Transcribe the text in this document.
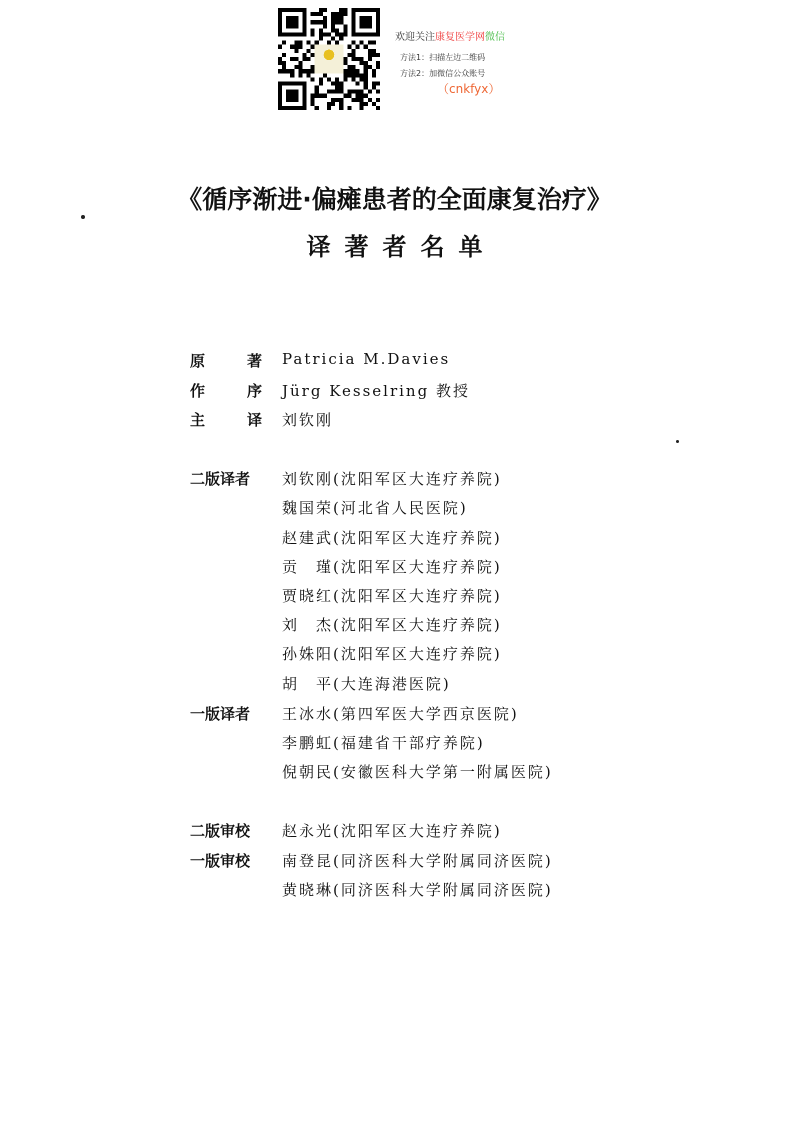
欢迎关注康复医学网微信
方法1：扫描左边二维码
方法2：加微信公众账号
（cnkfyx）
《循序渐进·偏瘫患者的全面康复治疗》
译著者名单
原	著 Patricia M.Davies
作	序 Jürg Kesselring 教授
主	译 刘钦刚
二版译者	刘钦刚(沈阳军区大连疗养院)
魏国荣(河北省人民医院)
赵建武(沈阳军区大连疗养院)
贡　瑾(沈阳军区大连疗养院)
贾晓红(沈阳军区大连疗养院)
刘　杰(沈阳军区大连疗养院)
孙姝阳(沈阳军区大连疗养院)
胡　平(大连海港医院)
一版译者	王冰水(第四军医大学西京医院)
李鹏虹(福建省干部疗养院)
倪朝民(安徽医科大学第一附属医院)
二版审校	赵永光(沈阳军区大连疗养院)
一版审校	南登昆(同济医科大学附属同济医院)
黄晓琳(同济医科大学附属同济医院)
